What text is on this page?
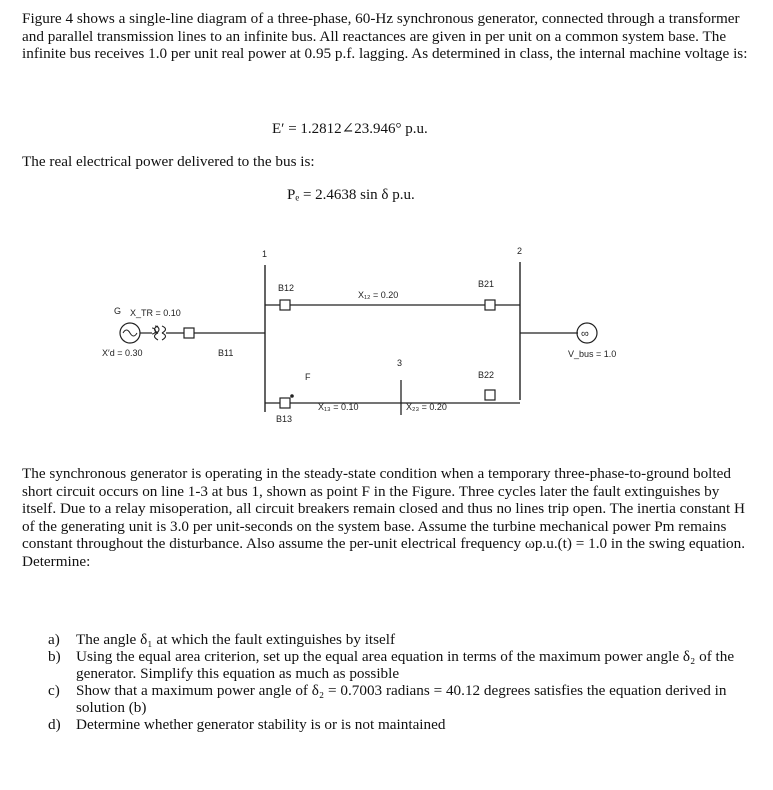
Figure 4 shows a single-line diagram of a three-phase, 60-Hz synchronous generator, connected through a transformer and parallel transmission lines to an infinite bus. All reactances are given in per unit on a common system base. The infinite bus receives 1.0 per unit real power at 0.95 p.f. lagging. As determined in class, the internal machine voltage is:

E′ = 1.2812∠23.946° p.u.

The real electrical power delivered to the bus is:

Pₑ = 2.4638 sin δ p.u.
1	2
G X_TR = 0.10
X′d = 0.30	B11
B12
X₁₂ = 0.20
B21
B13
F
X₁₃ = 0.10
3
X₂₃ = 0.20
B22
∞
V_bus = 1.0

The synchronous generator is operating in the steady-state condition when a temporary three-phase-to-ground bolted short circuit occurs on line 1-3 at bus 1, shown as point F in the Figure. Three cycles later the fault extinguishes by itself. Due to a relay misoperation, all circuit breakers remain closed and thus no lines trip open. The inertia constant H of the generating unit is 3.0 per unit-seconds on the system base. Assume the turbine mechanical power Pm remains constant throughout the disturbance. Also assume the per-unit electrical frequency ωp.u.(t) = 1.0 in the swing equation. Determine:

a) The angle δ₁ at which the fault extinguishes by itself
b) Using the equal area criterion, set up the equal area equation in terms of the maximum power angle δ₂ of the generator. Simplify this equation as much as possible
c) Show that a maximum power angle of δ₂ = 0.7003 radians = 40.12 degrees satisfies the equation derived in solution (b)
d) Determine whether generator stability is or is not maintained
